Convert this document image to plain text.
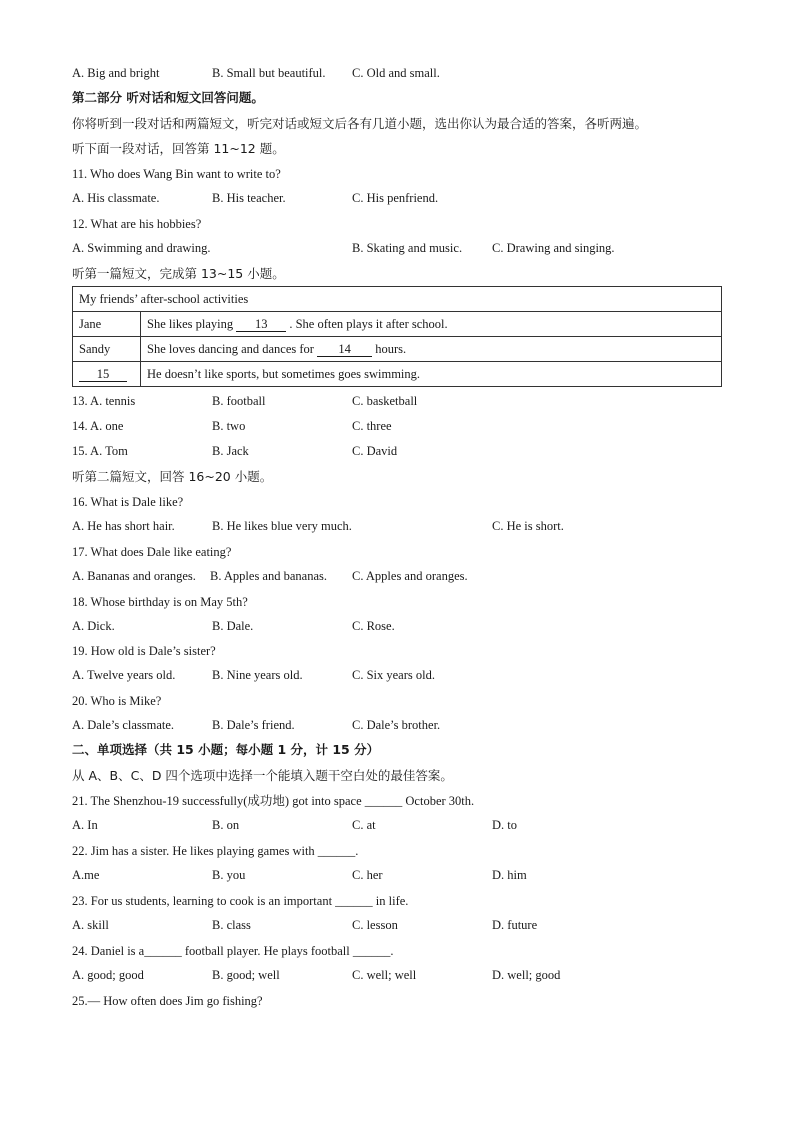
A. Big and bright	B. Small but beautiful. C. Old and small.
第二部分 听对话和短文回答问题。
你将听到一段对话和两篇短文，听完对话或短文后各有几道小题，选出你认为最合适的答案，各听两遍。
听下面一段对话，回答第 11~12 题。
11. Who does Wang Bin want to write to?
A. His classmate.	B. His teacher.	C. His penfriend.
12. What are his hobbies?
A. Swimming and drawing.	B. Skating and music. C. Drawing and singing.
听第一篇短文，完成第 13~15 小题。
My friends’ after-school activities	
Jane	She likes playing 13 . She often plays it after school.
Sandy	She loves dancing and dances for 14 hours.
15	He doesn’t like sports, but sometimes goes swimming.
13. A. tennis	B. football	C. basketball
14. A. one	B. two	C. three
15. A. Tom	B. Jack	C. David
听第二篇短文，回答 16~20 小题。
16. What is Dale like?
A. He has short hair.	B. He likes blue very much.	C. He is short.
17. What does Dale like eating?
A. Bananas and oranges. B. Apples and bananas. C. Apples and oranges.
18. Whose birthday is on May 5th?
A. Dick.	B. Dale.	C. Rose.
19. How old is Dale’s sister?
A. Twelve years old.	B. Nine years old.	C. Six years old.
20. Who is Mike?
A. Dale’s classmate.	B. Dale’s friend.	C. Dale’s brother.
二、单项选择（共 15 小题；每小题 1 分，计 15 分）
从 A、B、C、D 四个选项中选择一个能填入题干空白处的最佳答案。
21. The Shenzhou-19 successfully(成功地) got into space ______ October 30th.
A. In	B. on	C. at	D. to
22. Jim has a sister. He likes playing games with ______.
A.me	B. you	C. her	D. him
23. For us students, learning to cook is an important ______ in life.
A. skill	B. class	C. lesson	D. future
24. Daniel is a______ football player. He plays football ______.
A. good; good	B. good; well	C. well; well	D. well; good
25.— How often does Jim go fishing?
